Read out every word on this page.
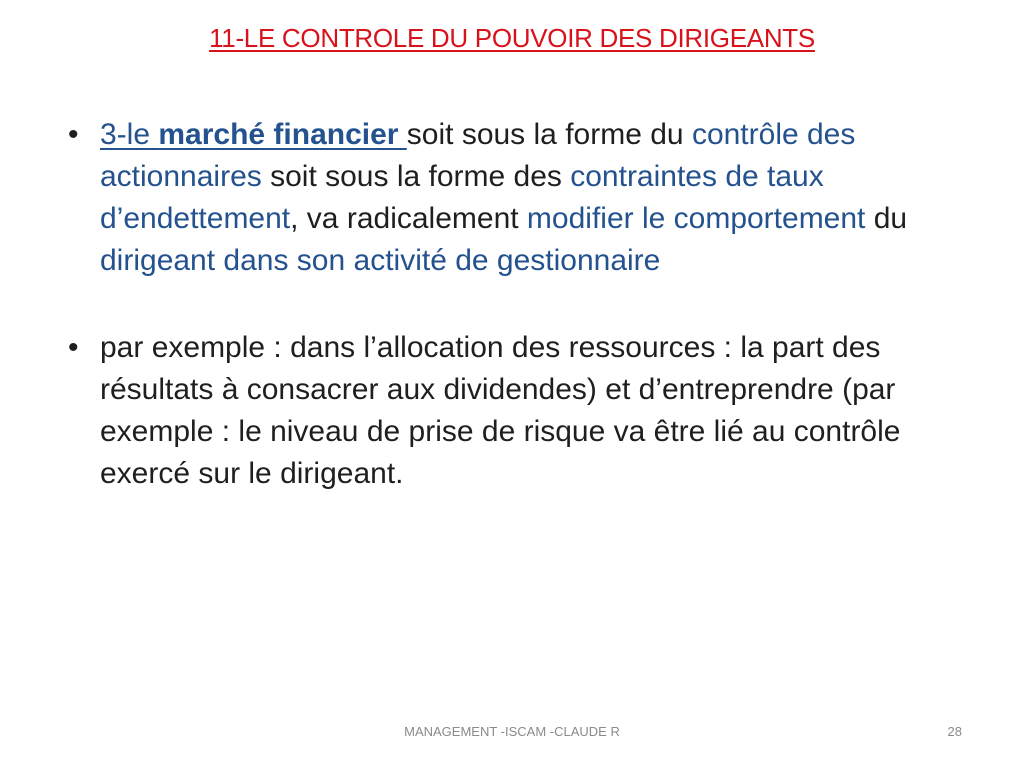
11-LE CONTROLE DU POUVOIR DES DIRIGEANTS
• 3-le marché financier soit sous la forme du contrôle des actionnaires soit sous la forme des contraintes de taux d’endettement, va radicalement modifier le comportement du dirigeant dans son activité de gestionnaire
• par exemple : dans l’allocation des ressources : la part des résultats à consacrer aux dividendes) et d’entreprendre (par exemple : le niveau de prise de risque va être lié au contrôle exercé sur le dirigeant.
MANAGEMENT -ISCAM -CLAUDE R	28
